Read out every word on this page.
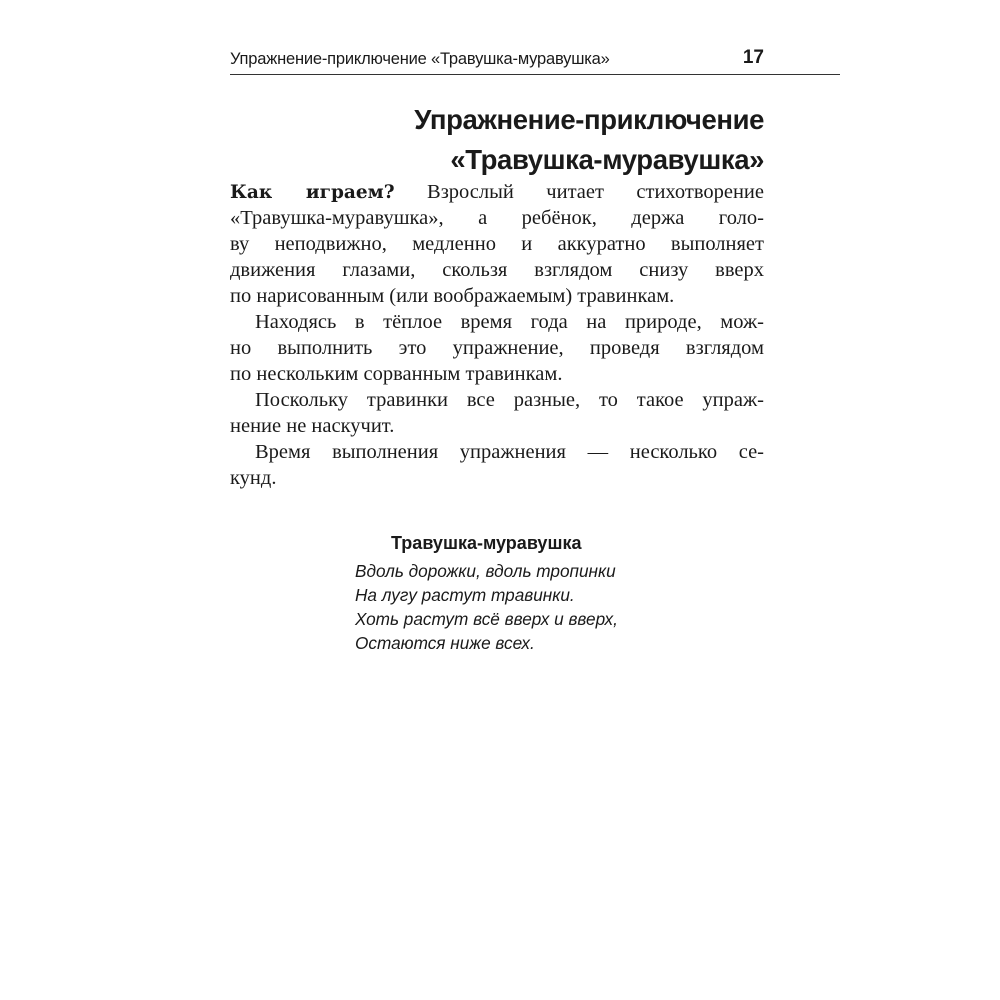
Упражнение-приключение «Травушка-муравушка»	17
Упражнение-приключение
«Травушка-муравушка»
Как играем? Взрослый читает стихотворение
«Травушка-муравушка», а ребёнок, держа голо-
ву неподвижно, медленно и аккуратно выполняет
движения глазами, скользя взглядом снизу вверх
по нарисованным (или воображаемым) травинкам.
Находясь в тёплое время года на природе, мож-
но выполнить это упражнение, проведя взглядом
по нескольким сорванным травинкам.
Поскольку травинки все разные, то такое упраж-
нение не наскучит.
Время выполнения упражнения — несколько се-
кунд.
Травушка-муравушка
Вдоль дорожки, вдоль тропинки
На лугу растут травинки.
Хоть растут всё вверх и вверх,
Остаются ниже всех.
